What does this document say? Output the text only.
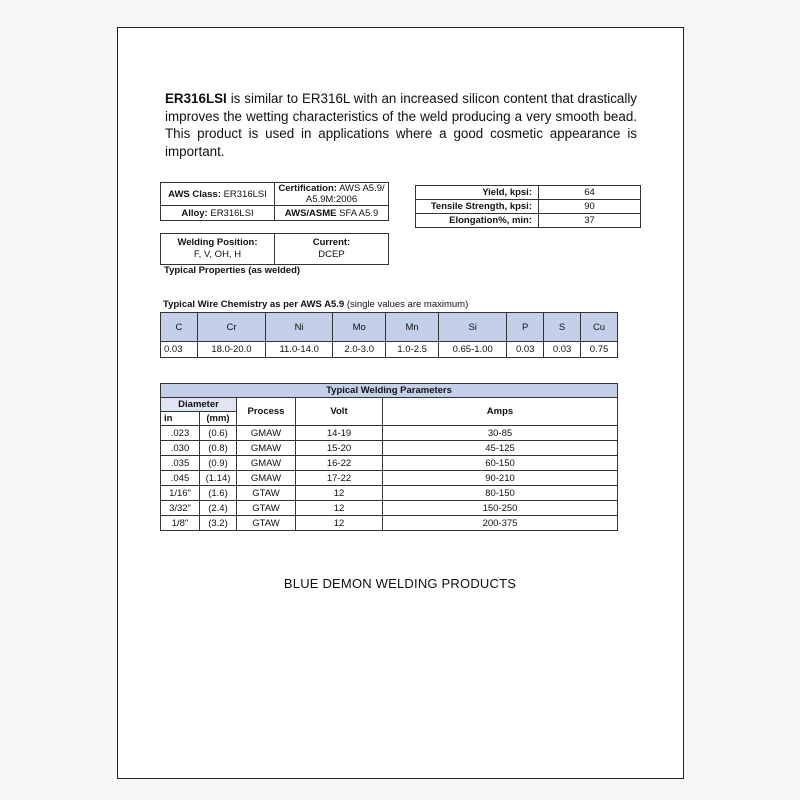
ER316LSI is similar to ER316L with an increased silicon content that drastically improves the wetting characteristics of the weld producing a very smooth bead. This product is used in applications where a good cosmetic appearance is important.

AWS Class: ER316LSI	Certification: AWS A5.9/ A5.9M:2006
Alloy: ER316LSI	AWS/ASME SFA A5.9
Yield, kpsi:	64
Tensile Strength, kpsi:	90
Elongation%, min:	37
Welding Position:
F, V, OH, H

Current:
DCEP
Typical Properties (as welded)
Typical Wire Chemistry as per AWS A5.9 (single values are maximum)
C	Cr	Ni	Mo	Mn	Si	P	S	Cu
0.03	18.0-20.0	11.0-14.0	2.0-3.0	1.0-2.5	0.65-1.00	0.03	0.03	0.75
Typical Welding Parameters				
Diameter		Process	Volt	Amps
in	(mm)			
.023	(0.6)	GMAW	14-19	30-85
.030	(0.8)	GMAW	15-20	45-125
.035	(0.9)	GMAW	16-22	60-150
.045	(1.14)	GMAW	17-22	90-210
1/16"	(1.6)	GTAW	12	80-150
3/32"	(2.4)	GTAW	12	150-250
1/8"	(3.2)	GTAW	12	200-375
BLUE DEMON WELDING PRODUCTS
